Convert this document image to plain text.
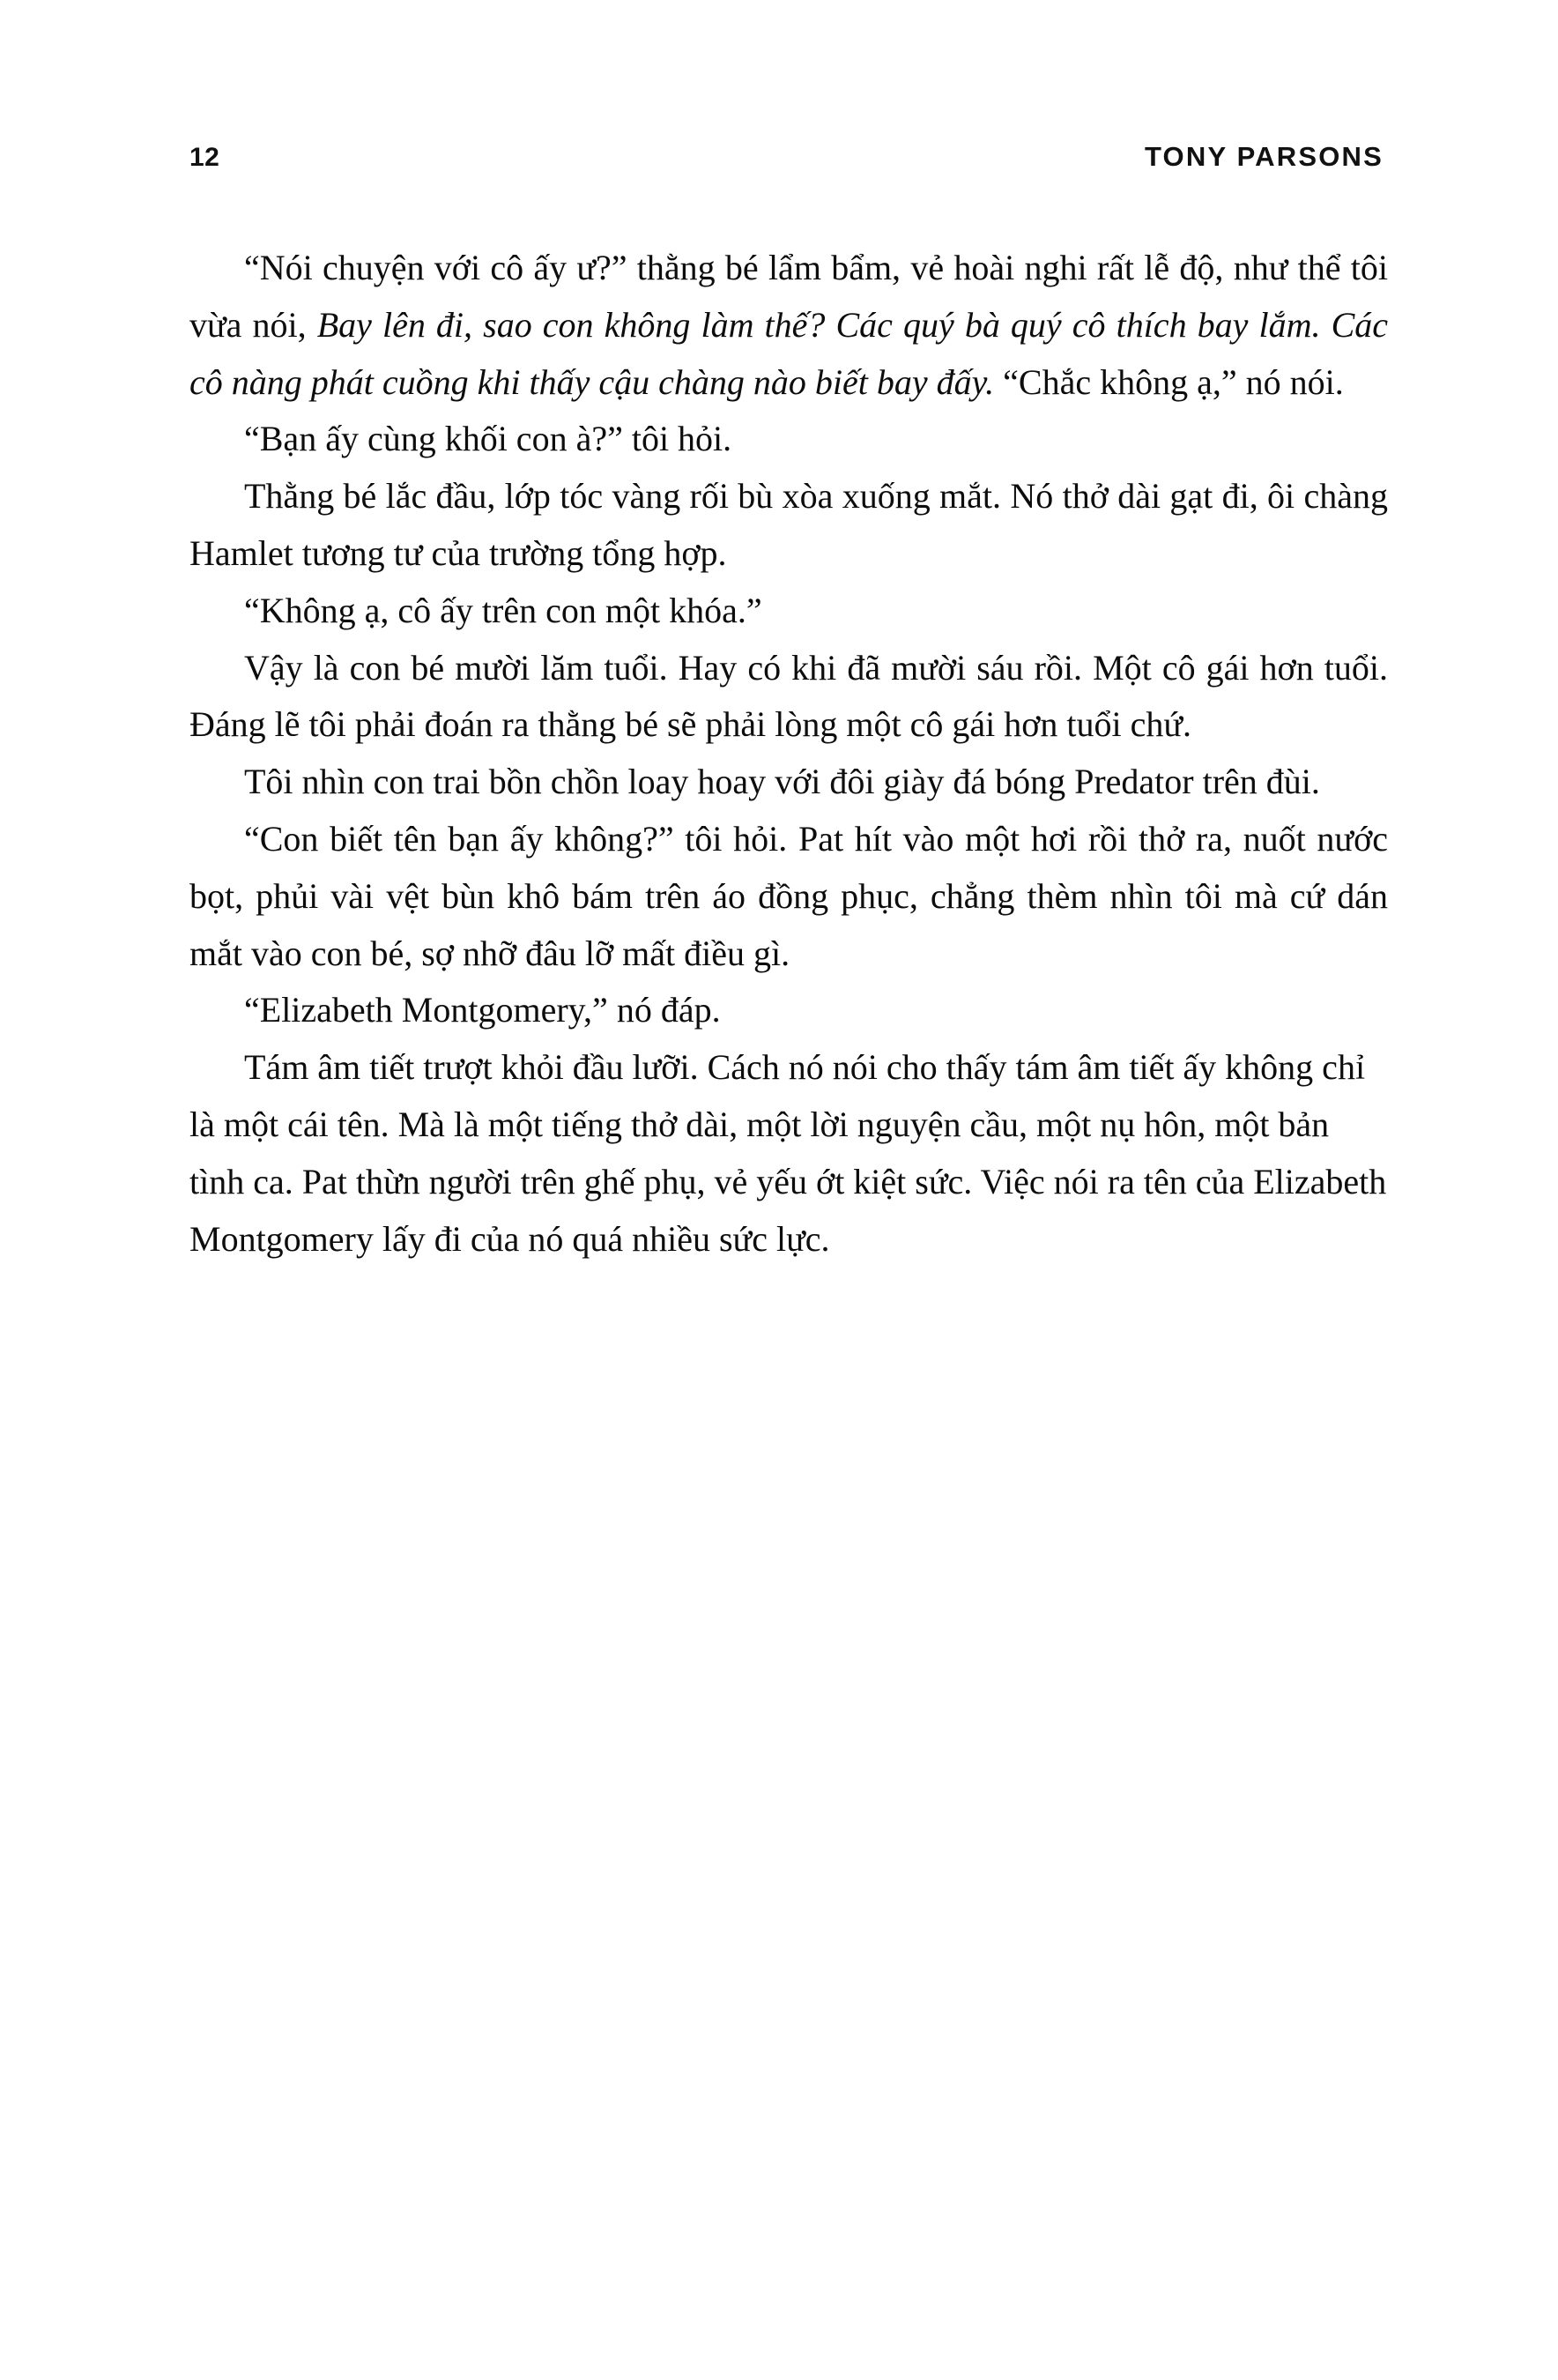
12	TONY PARSONS

“Nói chuyện với cô ấy ư?” thằng bé lẩm bẩm, vẻ hoài nghi rất lễ độ, như thể tôi vừa nói, Bay lên đi, sao con không làm thế? Các quý bà quý cô thích bay lắm. Các cô nàng phát cuồng khi thấy cậu chàng nào biết bay đấy. “Chắc không ạ,” nó nói.

“Bạn ấy cùng khối con à?” tôi hỏi.

Thằng bé lắc đầu, lớp tóc vàng rối bù xòa xuống mắt. Nó thở dài gạt đi, ôi chàng Hamlet tương tư của trường tổng hợp.

“Không ạ, cô ấy trên con một khóa.”

Vậy là con bé mười lăm tuổi. Hay có khi đã mười sáu rồi. Một cô gái hơn tuổi. Đáng lẽ tôi phải đoán ra thằng bé sẽ phải lòng một cô gái hơn tuổi chứ.

Tôi nhìn con trai bồn chồn loay hoay với đôi giày đá bóng Predator trên đùi.

“Con biết tên bạn ấy không?” tôi hỏi. Pat hít vào một hơi rồi thở ra, nuốt nước bọt, phủi vài vệt bùn khô bám trên áo đồng phục, chẳng thèm nhìn tôi mà cứ dán mắt vào con bé, sợ nhỡ đâu lỡ mất điều gì.

“Elizabeth Montgomery,” nó đáp.

Tám âm tiết trượt khỏi đầu lưỡi. Cách nó nói cho thấy tám âm tiết ấy không chỉ là một cái tên. Mà là một tiếng thở dài, một lời nguyện cầu, một nụ hôn, một bản tình ca. Pat thừn người trên ghế phụ, vẻ yếu ớt kiệt sức. Việc nói ra tên của Elizabeth Montgomery lấy đi của nó quá nhiều sức lực.
